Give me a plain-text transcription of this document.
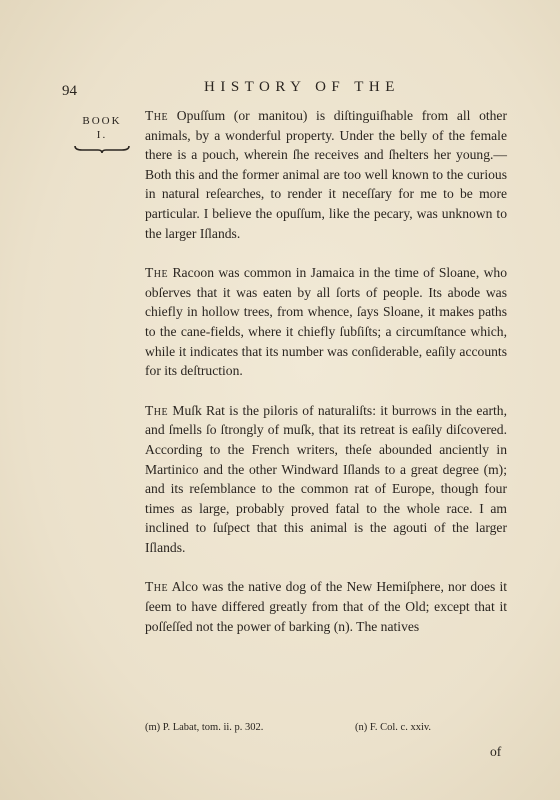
94	HISTORY OF THE
BOOK
I.

The Opuſſum (or manitou) is diſtinguiſhable from all other animals, by a wonderful property. Under the belly of the female there is a pouch, wherein ſhe receives and ſhelters her young.—Both this and the former animal are too well known to the curious in natural reſearches, to render it neceſſary for me to be more particular. I believe the opuſſum, like the pecary, was unknown to the larger Iſlands.

The Racoon was common in Jamaica in the time of Sloane, who obſerves that it was eaten by all ſorts of people. Its abode was chiefly in hollow trees, from whence, ſays Sloane, it makes paths to the cane-fields, where it chiefly ſubſiſts; a circumſtance which, while it indicates that its number was conſiderable, eaſily accounts for its deſtruction.

The Muſk Rat is the piloris of naturaliſts: it burrows in the earth, and ſmells ſo ſtrongly of muſk, that its retreat is eaſily diſcovered. According to the French writers, theſe abounded anciently in Martinico and the other Windward Iſlands to a great degree (m); and its reſemblance to the common rat of Europe, though four times as large, probably proved fatal to the whole race. I am inclined to ſuſpect that this animal is the agouti of the larger Iſlands.

The Alco was the native dog of the New Hemiſphere, nor does it ſeem to have differed greatly from that of the Old; except that it poſſeſſed not the power of barking (n). The natives

(m) P. Labat, tom. ii. p. 302.	(n) F. Col. c. xxiv.
of
